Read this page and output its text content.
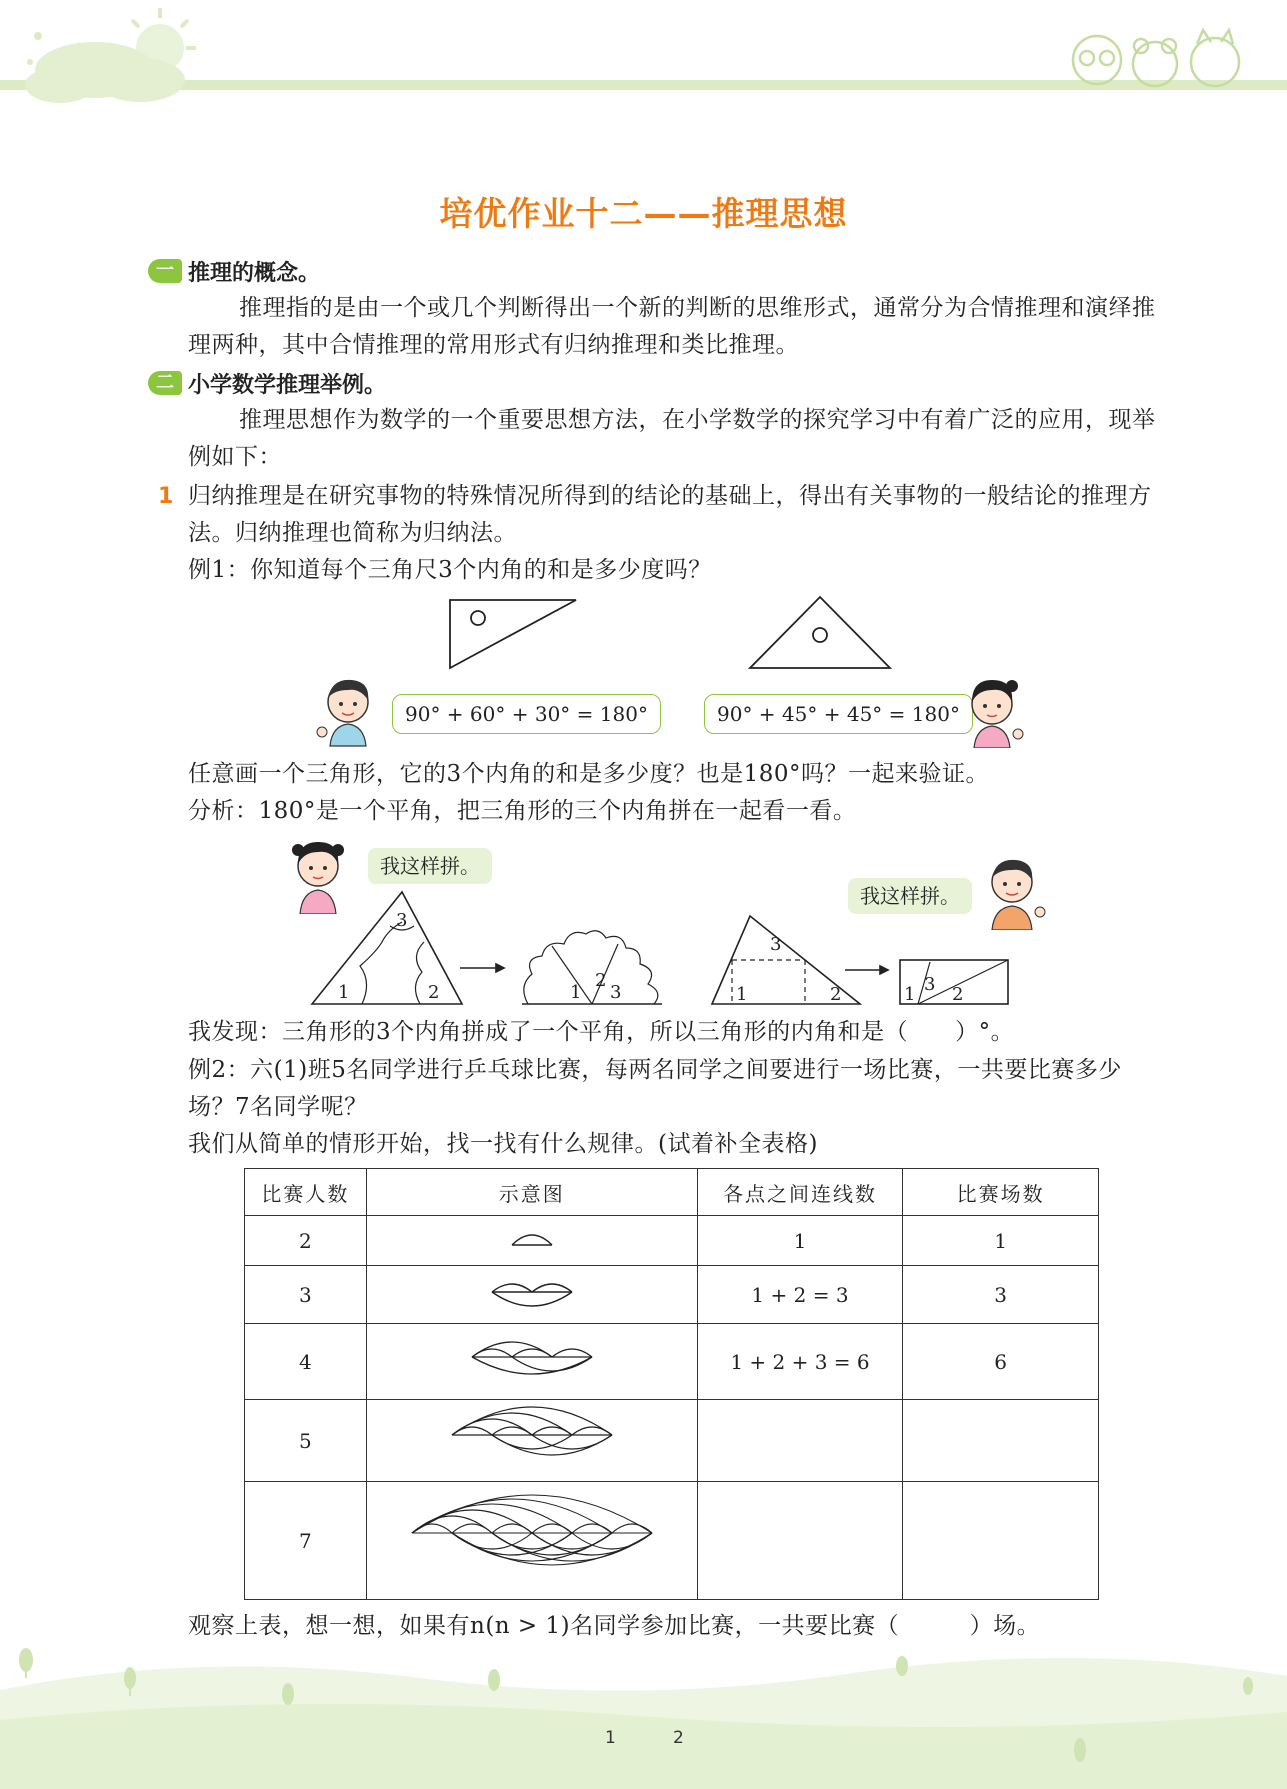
培优作业十二——推理思想
一 推理的概念。
推理指的是由一个或几个判断得出一个新的判断的思维形式，通常分为合情推理和演绎推理两种，其中合情推理的常用形式有归纳推理和类比推理。
二 小学数学推理举例。
推理思想作为数学的一个重要思想方法，在小学数学的探究学习中有着广泛的应用，现举例如下：
1 归纳推理是在研究事物的特殊情况所得到的结论的基础上，得出有关事物的一般结论的推理方法。归纳推理也简称为归纳法。
例1：你知道每个三角尺3个内角的和是多少度吗？
90° + 60° + 30° = 180°	90° + 45° + 45° = 180°
任意画一个三角形，它的3个内角的和是多少度？也是180°吗？一起来验证。
分析：180°是一个平角，把三角形的三个内角拼在一起看一看。
我这样拼。
我这样拼。
1	2
3
1
2
3	1	2
3
1 2
3
我发现：三角形的3个内角拼成了一个平角，所以三角形的内角和是（　　）°。
例2：六(1)班5名同学进行乒乓球比赛，每两名同学之间要进行一场比赛，一共要比赛多少场？7名同学呢？
我们从简单的情形开始，找一找有什么规律。(试着补全表格)
比赛人数	示意图	各点之间连线数	比赛场数
2		1	1
3		1 + 2 = 3	3
4		1 + 2 + 3 = 6	6
5			
7			
观察上表，想一想，如果有n(n > 1)名同学参加比赛，一共要比赛（　　　）场。
1	2
